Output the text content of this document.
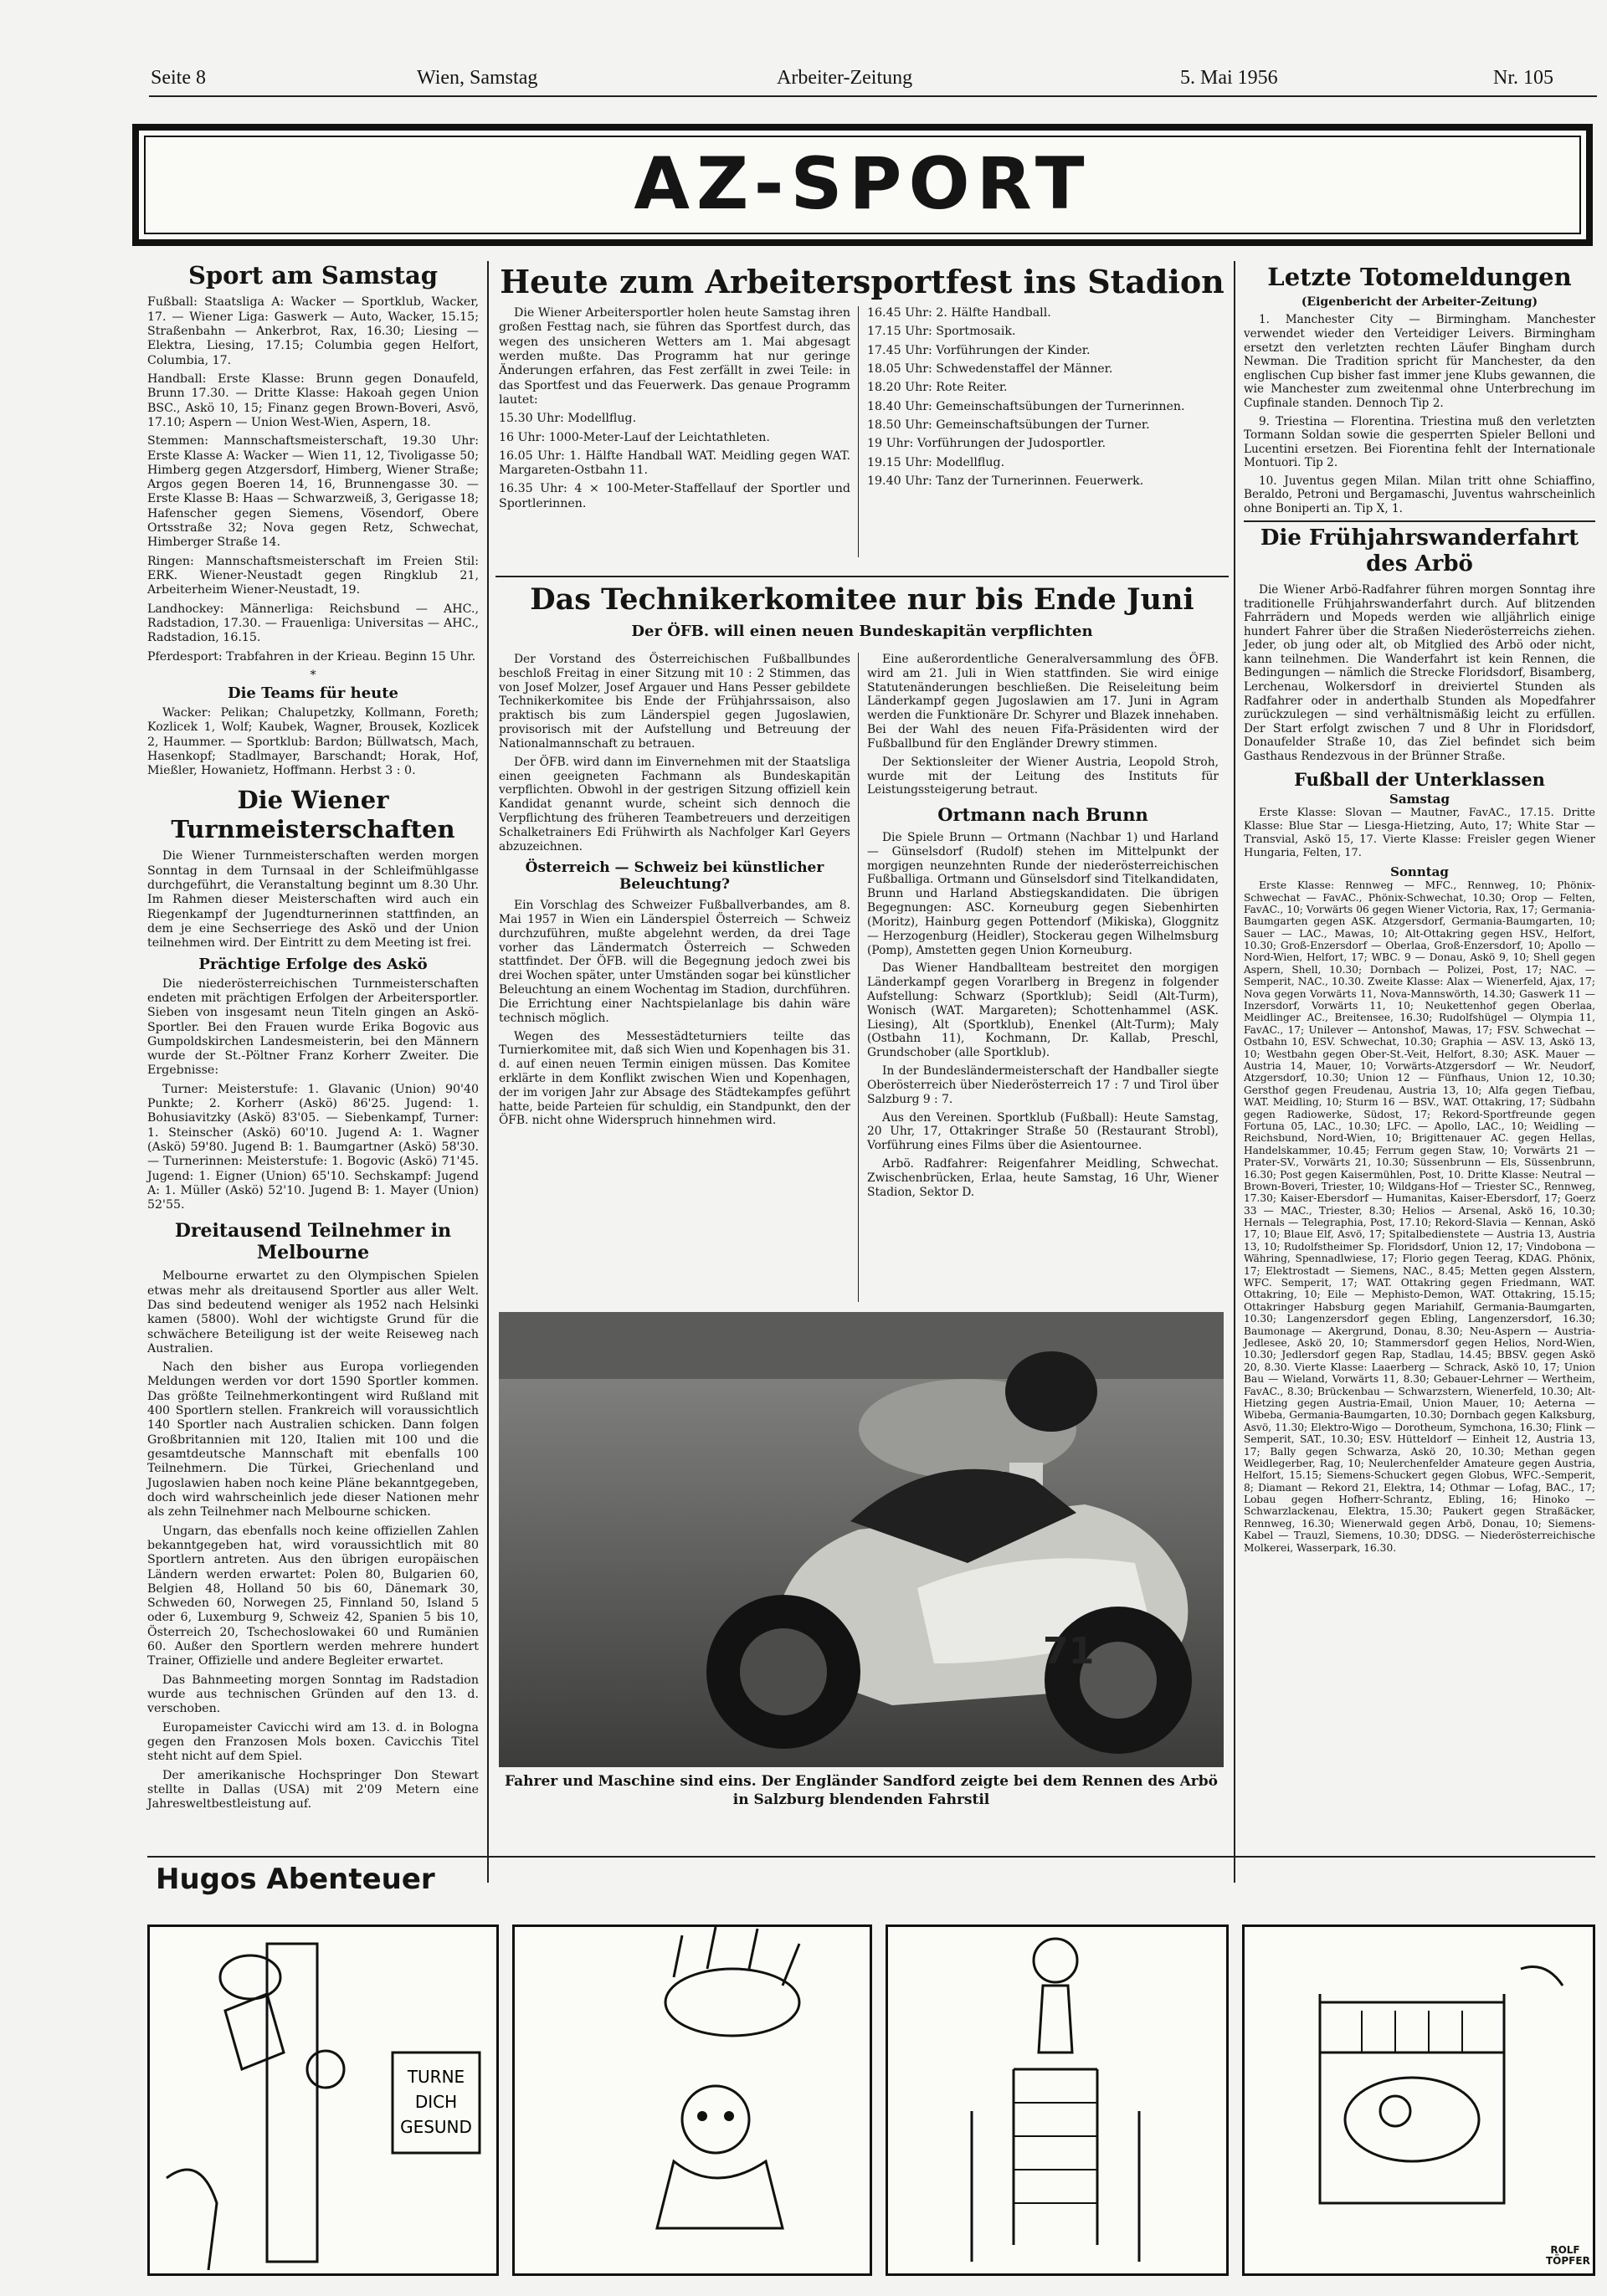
Seite 8	Wien, Samstag	Arbeiter-Zeitung	5. Mai 1956	Nr. 105
AZ-SPORT
Sport am Samstag

Fußball: Staatsliga A: Wacker — Sportklub, Wacker, 17. — Wiener Liga: Gaswerk — Auto, Wacker, 15.15; Straßenbahn — Ankerbrot, Rax, 16.30; Liesing — Elektra, Liesing, 17.15; Columbia gegen Helfort, Columbia, 17.

Handball: Erste Klasse: Brunn gegen Donaufeld, Brunn 17.30. — Dritte Klasse: Hakoah gegen Union BSC., Askö 10, 15; Finanz gegen Brown-Boveri, Asvö, 17.10; Aspern — Union West-Wien, Aspern, 18.

Stemmen: Mannschaftsmeisterschaft, 19.30 Uhr: Erste Klasse A: Wacker — Wien 11, 12, Tivoligasse 50; Himberg gegen Atzgersdorf, Himberg, Wiener Straße; Argos gegen Boeren 14, 16, Brunnengasse 30. — Erste Klasse B: Haas — Schwarzweiß, 3, Gerigasse 18; Hafenscher gegen Siemens, Vösendorf, Obere Ortsstraße 32; Nova gegen Retz, Schwechat, Himberger Straße 14.

Ringen: Mannschaftsmeisterschaft im Freien Stil: ERK. Wiener-Neustadt gegen Ringklub 21, Arbeiterheim Wiener-Neustadt, 19.

Landhockey: Männerliga: Reichsbund — AHC., Radstadion, 17.30. — Frauenliga: Universitas — AHC., Radstadion, 16.15.

Pferdesport: Trabfahren in der Krieau. Beginn 15 Uhr.

*
Die Teams für heute

Wacker: Pelikan; Chalupetzky, Kollmann, Foreth; Kozlicek 1, Wolf; Kaubek, Wagner, Brousek, Kozlicek 2, Haummer. — Sportklub: Bardon; Büllwatsch, Mach, Hasenkopf; Stadlmayer, Barschandt; Horak, Hof, Mießler, Howanietz, Hoffmann. Herbst 3 : 0.

Die Wiener Turnmeisterschaften

Die Wiener Turnmeisterschaften werden morgen Sonntag in dem Turnsaal in der Schleifmühlgasse durchgeführt, die Veranstaltung beginnt um 8.30 Uhr. Im Rahmen dieser Meisterschaften wird auch ein Riegenkampf der Jugendturnerinnen stattfinden, an dem je eine Sechserriege des Askö und der Union teilnehmen wird. Der Eintritt zu dem Meeting ist frei.

Prächtige Erfolge des Askö

Die niederösterreichischen Turnmeisterschaften endeten mit prächtigen Erfolgen der Arbeitersportler. Sieben von insgesamt neun Titeln gingen an Askö-Sportler. Bei den Frauen wurde Erika Bogovic aus Gumpoldskirchen Landesmeisterin, bei den Männern wurde der St.-Pöltner Franz Korherr Zweiter. Die Ergebnisse:

Turner: Meisterstufe: 1. Glavanic (Union) 90'40 Punkte; 2. Korherr (Askö) 86'25. Jugend: 1. Bohusiavitzky (Askö) 83'05. — Siebenkampf, Turner: 1. Steinscher (Askö) 60'10. Jugend A: 1. Wagner (Askö) 59'80. Jugend B: 1. Baumgartner (Askö) 58'30. — Turnerinnen: Meisterstufe: 1. Bogovic (Askö) 71'45. Jugend: 1. Eigner (Union) 65'10. Sechskampf: Jugend A: 1. Müller (Askö) 52'10. Jugend B: 1. Mayer (Union) 52'55.

Dreitausend Teilnehmer in Melbourne

Melbourne erwartet zu den Olympischen Spielen etwas mehr als dreitausend Sportler aus aller Welt. Das sind bedeutend weniger als 1952 nach Helsinki kamen (5800). Wohl der wichtigste Grund für die schwächere Beteiligung ist der weite Reiseweg nach Australien.

Nach den bisher aus Europa vorliegenden Meldungen werden vor dort 1590 Sportler kommen. Das größte Teilnehmerkontingent wird Rußland mit 400 Sportlern stellen. Frankreich will voraussichtlich 140 Sportler nach Australien schicken. Dann folgen Großbritannien mit 120, Italien mit 100 und die gesamtdeutsche Mannschaft mit ebenfalls 100 Teilnehmern. Die Türkei, Griechenland und Jugoslawien haben noch keine Pläne bekanntgegeben, doch wird wahrscheinlich jede dieser Nationen mehr als zehn Teilnehmer nach Melbourne schicken.

Ungarn, das ebenfalls noch keine offiziellen Zahlen bekanntgegeben hat, wird voraussichtlich mit 80 Sportlern antreten. Aus den übrigen europäischen Ländern werden erwartet: Polen 80, Bulgarien 60, Belgien 48, Holland 50 bis 60, Dänemark 30, Schweden 60, Norwegen 25, Finnland 50, Island 5 oder 6, Luxemburg 9, Schweiz 42, Spanien 5 bis 10, Österreich 20, Tschechoslowakei 60 und Rumänien 60. Außer den Sportlern werden mehrere hundert Trainer, Offizielle und andere Begleiter erwartet.

Das Bahnmeeting morgen Sonntag im Radstadion wurde aus technischen Gründen auf den 13. d. verschoben.

Europameister Cavicchi wird am 13. d. in Bologna gegen den Franzosen Mols boxen. Cavicchis Titel steht nicht auf dem Spiel.

Der amerikanische Hochspringer Don Stewart stellte in Dallas (USA) mit 2'09 Metern eine Jahresweltbestleistung auf.

Heute zum Arbeitersportfest ins Stadion

Die Wiener Arbeitersportler holen heute Samstag ihren großen Festtag nach, sie führen das Sportfest durch, das wegen des unsicheren Wetters am 1. Mai abgesagt werden mußte. Das Programm hat nur geringe Änderungen erfahren, das Fest zerfällt in zwei Teile: in das Sportfest und das Feuerwerk. Das genaue Programm lautet:

15.30 Uhr: Modellflug.

16 Uhr: 1000-Meter-Lauf der Leichtathleten.

16.05 Uhr: 1. Hälfte Handball WAT. Meidling gegen WAT. Margareten-Ostbahn 11.

16.35 Uhr: 4 × 100-Meter-Staffellauf der Sportler und Sportlerinnen.

16.45 Uhr: 2. Hälfte Handball.

17.15 Uhr: Sportmosaik.

17.45 Uhr: Vorführungen der Kinder.

18.05 Uhr: Schwedenstaffel der Männer.

18.20 Uhr: Rote Reiter.

18.40 Uhr: Gemeinschaftsübungen der Turnerinnen.

18.50 Uhr: Gemeinschaftsübungen der Turner.

19 Uhr: Vorführungen der Judosportler.

19.15 Uhr: Modellflug.

19.40 Uhr: Tanz der Turnerinnen. Feuerwerk.

Das Technikerkomitee nur bis Ende Juni
Der ÖFB. will einen neuen Bundeskapitän verpflichten

Der Vorstand des Österreichischen Fußballbundes beschloß Freitag in einer Sitzung mit 10 : 2 Stimmen, das von Josef Molzer, Josef Argauer und Hans Pesser gebildete Technikerkomitee bis Ende der Frühjahrssaison, also praktisch bis zum Länderspiel gegen Jugoslawien, provisorisch mit der Aufstellung und Betreuung der Nationalmannschaft zu betrauen.

Der ÖFB. wird dann im Einvernehmen mit der Staatsliga einen geeigneten Fachmann als Bundeskapitän verpflichten. Obwohl in der gestrigen Sitzung offiziell kein Kandidat genannt wurde, scheint sich dennoch die Verpflichtung des früheren Teambetreuers und derzeitigen Schalketrainers Edi Frühwirth als Nachfolger Karl Geyers abzuzeichnen.

Österreich — Schweiz bei künstlicher Beleuchtung?

Ein Vorschlag des Schweizer Fußballverbandes, am 8. Mai 1957 in Wien ein Länderspiel Österreich — Schweiz durchzuführen, mußte abgelehnt werden, da drei Tage vorher das Ländermatch Österreich — Schweden stattfindet. Der ÖFB. will die Begegnung jedoch zwei bis drei Wochen später, unter Umständen sogar bei künstlicher Beleuchtung an einem Wochentag im Stadion, durchführen. Die Errichtung einer Nachtspielanlage bis dahin wäre technisch möglich.

Wegen des Messestädteturniers teilte das Turnierkomitee mit, daß sich Wien und Kopenhagen bis 31. d. auf einen neuen Termin einigen müssen. Das Komitee erklärte in dem Konflikt zwischen Wien und Kopenhagen, der im vorigen Jahr zur Absage des Städtekampfes geführt hatte, beide Parteien für schuldig, ein Standpunkt, den der ÖFB. nicht ohne Widerspruch hinnehmen wird.

Eine außerordentliche Generalversammlung des ÖFB. wird am 21. Juli in Wien stattfinden. Sie wird einige Statutenänderungen beschließen. Die Reiseleitung beim Länderkampf gegen Jugoslawien am 17. Juni in Agram werden die Funktionäre Dr. Schyrer und Blazek innehaben. Bei der Wahl des neuen Fifa-Präsidenten wird der Fußballbund für den Engländer Drewry stimmen.

Der Sektionsleiter der Wiener Austria, Leopold Stroh, wurde mit der Leitung des Instituts für Leistungssteigerung betraut.

Ortmann nach Brunn

Die Spiele Brunn — Ortmann (Nachbar 1) und Harland — Günselsdorf (Rudolf) stehen im Mittelpunkt der morgigen neunzehnten Runde der niederösterreichischen Fußballiga. Ortmann und Günselsdorf sind Titelkandidaten, Brunn und Harland Abstiegskandidaten. Die übrigen Begegnungen: ASC. Korneuburg gegen Siebenhirten (Moritz), Hainburg gegen Pottendorf (Mikiska), Gloggnitz — Herzogenburg (Heidler), Stockerau gegen Wilhelmsburg (Pomp), Amstetten gegen Union Korneuburg.

Das Wiener Handballteam bestreitet den morgigen Länderkampf gegen Vorarlberg in Bregenz in folgender Aufstellung: Schwarz (Sportklub); Seidl (Alt-Turm), Wonisch (WAT. Margareten); Schottenhammel (ASK. Liesing), Alt (Sportklub), Enenkel (Alt-Turm); Maly (Ostbahn 11), Kochmann, Dr. Kallab, Preschl, Grundschober (alle Sportklub).

In der Bundesländermeisterschaft der Handballer siegte Oberösterreich über Niederösterreich 17 : 7 und Tirol über Salzburg 9 : 7.

Aus den Vereinen. Sportklub (Fußball): Heute Samstag, 20 Uhr, 17, Ottakringer Straße 50 (Restaurant Strobl), Vorführung eines Films über die Asientournee.

Arbö. Radfahrer: Reigenfahrer Meidling, Schwechat. Zwischenbrücken, Erlaa, heute Samstag, 16 Uhr, Wiener Stadion, Sektor D.

71
Fahrer und Maschine sind eins. Der Engländer Sandford zeigte bei dem Rennen des Arbö in Salzburg blendenden Fahrstil
Letzte Totomeldungen
(Eigenbericht der Arbeiter-Zeitung)

1. Manchester City — Birmingham. Manchester verwendet wieder den Verteidiger Leivers. Birmingham ersetzt den verletzten rechten Läufer Bingham durch Newman. Die Tradition spricht für Manchester, da den englischen Cup bisher fast immer jene Klubs gewannen, die wie Manchester zum zweitenmal ohne Unterbrechung im Cupfinale standen. Dennoch Tip 2.

9. Triestina — Florentina. Triestina muß den verletzten Tormann Soldan sowie die gesperrten Spieler Belloni und Lucentini ersetzen. Bei Fiorentina fehlt der Internationale Montuori. Tip 2.

10. Juventus gegen Milan. Milan tritt ohne Schiaffino, Beraldo, Petroni und Bergamaschi, Juventus wahrscheinlich ohne Boniperti an. Tip X, 1.

Die Frühjahrswanderfahrt des Arbö

Die Wiener Arbö-Radfahrer führen morgen Sonntag ihre traditionelle Frühjahrswanderfahrt durch. Auf blitzenden Fahrrädern und Mopeds werden wie alljährlich einige hundert Fahrer über die Straßen Niederösterreichs ziehen. Jeder, ob jung oder alt, ob Mitglied des Arbö oder nicht, kann teilnehmen. Die Wanderfahrt ist kein Rennen, die Bedingungen — nämlich die Strecke Floridsdorf, Bisamberg, Lerchenau, Wolkersdorf in dreiviertel Stunden als Radfahrer oder in anderthalb Stunden als Mopedfahrer zurückzulegen — sind verhältnismäßig leicht zu erfüllen. Der Start erfolgt zwischen 7 und 8 Uhr in Floridsdorf, Donaufelder Straße 10, das Ziel befindet sich beim Gasthaus Rendezvous in der Brünner Straße.

Fußball der Unterklassen
Samstag

Erste Klasse: Slovan — Mautner, FavAC., 17.15. Dritte Klasse: Blue Star — Liesga-Hietzing, Auto, 17; White Star — Transvial, Askö 15, 17. Vierte Klasse: Freisler gegen Wiener Hungaria, Felten, 17.

Sonntag

Erste Klasse: Rennweg — MFC., Rennweg, 10; Phönix-Schwechat — FavAC., Phönix-Schwechat, 10.30; Orop — Felten, FavAC., 10; Vorwärts 06 gegen Wiener Victoria, Rax, 17; Germania-Baumgarten gegen ASK. Atzgersdorf, Germania-Baumgarten, 10; Sauer — LAC., Mawas, 10; Alt-Ottakring gegen HSV., Helfort, 10.30; Groß-Enzersdorf — Oberlaa, Groß-Enzersdorf, 10; Apollo — Nord-Wien, Helfort, 17; WBC. 9 — Donau, Askö 9, 10; Shell gegen Aspern, Shell, 10.30; Dornbach — Polizei, Post, 17; NAC. — Semperit, NAC., 10.30. Zweite Klasse: Alax — Wienerfeld, Ajax, 17; Nova gegen Vorwärts 11, Nova-Mannswörth, 14.30; Gaswerk 11 — Inzersdorf, Vorwärts 11, 10; Neukettenhof gegen Oberlaa, Meidlinger AC., Breitensee, 16.30; Rudolfshügel — Olympia 11, FavAC., 17; Unilever — Antonshof, Mawas, 17; FSV. Schwechat — Ostbahn 10, ESV. Schwechat, 10.30; Graphia — ASV. 13, Askö 13, 10; Westbahn gegen Ober-St.-Veit, Helfort, 8.30; ASK. Mauer — Austria 14, Mauer, 10; Vorwärts-Atzgersdorf — Wr. Neudorf, Atzgersdorf, 10.30; Union 12 — Fünfhaus, Union 12, 10.30; Gersthof gegen Freudenau, Austria 13, 10; Alfa gegen Tiefbau, WAT. Meidling, 10; Sturm 16 — BSV., WAT. Ottakring, 17; Südbahn gegen Radiowerke, Südost, 17; Rekord-Sportfreunde gegen Fortuna 05, LAC., 10.30; LFC. — Apollo, LAC., 10; Weidling — Reichsbund, Nord-Wien, 10; Brigittenauer AC. gegen Hellas, Handelskammer, 10.45; Ferrum gegen Staw, 10; Vorwärts 21 — Prater-SV., Vorwärts 21, 10.30; Süssenbrunn — Els, Süssenbrunn, 16.30; Post gegen Kaisermühlen, Post, 10. Dritte Klasse: Neutral — Brown-Boveri, Triester, 10; Wildgans-Hof — Triester SC., Rennweg, 17.30; Kaiser-Ebersdorf — Humanitas, Kaiser-Ebersdorf, 17; Goerz 33 — MAC., Triester, 8.30; Helios — Arsenal, Askö 16, 10.30; Hernals — Telegraphia, Post, 17.10; Rekord-Slavia — Kennan, Askö 17, 10; Blaue Elf, Asvö, 17; Spitalbedienstete — Austria 13, Austria 13, 10; Rudolfstheimer Sp. Floridsdorf, Union 12, 17; Vindobona — Währing, Spennadlwiese, 17; Florio gegen Teerag, KDAG. Phönix, 17; Elektrostadt — Siemens, NAC., 8.45; Metten gegen Alsstern, WFC. Semperit, 17; WAT. Ottakring gegen Friedmann, WAT. Ottakring, 10; Eile — Mephisto-Demon, WAT. Ottakring, 15.15; Ottakringer Habsburg gegen Mariahilf, Germania-Baumgarten, 10.30; Langenzersdorf gegen Ebling, Langenzersdorf, 16.30; Baumonage — Akergrund, Donau, 8.30; Neu-Aspern — Austria-Jedlesee, Askö 20, 10; Stammersdorf gegen Helios, Nord-Wien, 10.30; Jedlersdorf gegen Rap, Stadlau, 14.45; BBSV. gegen Askö 20, 8.30. Vierte Klasse: Laaerberg — Schrack, Askö 10, 17; Union Bau — Wieland, Vorwärts 11, 8.30; Gebauer-Lehrner — Wertheim, FavAC., 8.30; Brückenbau — Schwarzstern, Wienerfeld, 10.30; Alt-Hietzing gegen Austria-Email, Union Mauer, 10; Aeterna — Wibeba, Germania-Baumgarten, 10.30; Dornbach gegen Kalksburg, Asvö, 11.30; Elektro-Wigo — Dorotheum, Symchona, 16.30; Flink — Semperit, SAT., 10.30; ESV. Hütteldorf — Einheit 12, Austria 13, 17; Bally gegen Schwarza, Askö 20, 10.30; Methan gegen Weidlegerber, Rag, 10; Neulerchenfelder Amateure gegen Austria, Helfort, 15.15; Siemens-Schuckert gegen Globus, WFC.-Semperit, 8; Diamant — Rekord 21, Elektra, 14; Othmar — Lofag, BAC., 17; Lobau gegen Hofherr-Schrantz, Ebling, 16; Hinoko — Schwarzlackenau, Elektra, 15.30; Paukert gegen Straßäcker, Rennweg, 16.30; Wienerwald gegen Arbö, Donau, 10; Siemens-Kabel — Trauzl, Siemens, 10.30; DDSG. — Niederösterreichische Molkerei, Wasserpark, 16.30.

Hugos Abenteuer
TURNE DICH GESUND
ROLF TÖPFER
